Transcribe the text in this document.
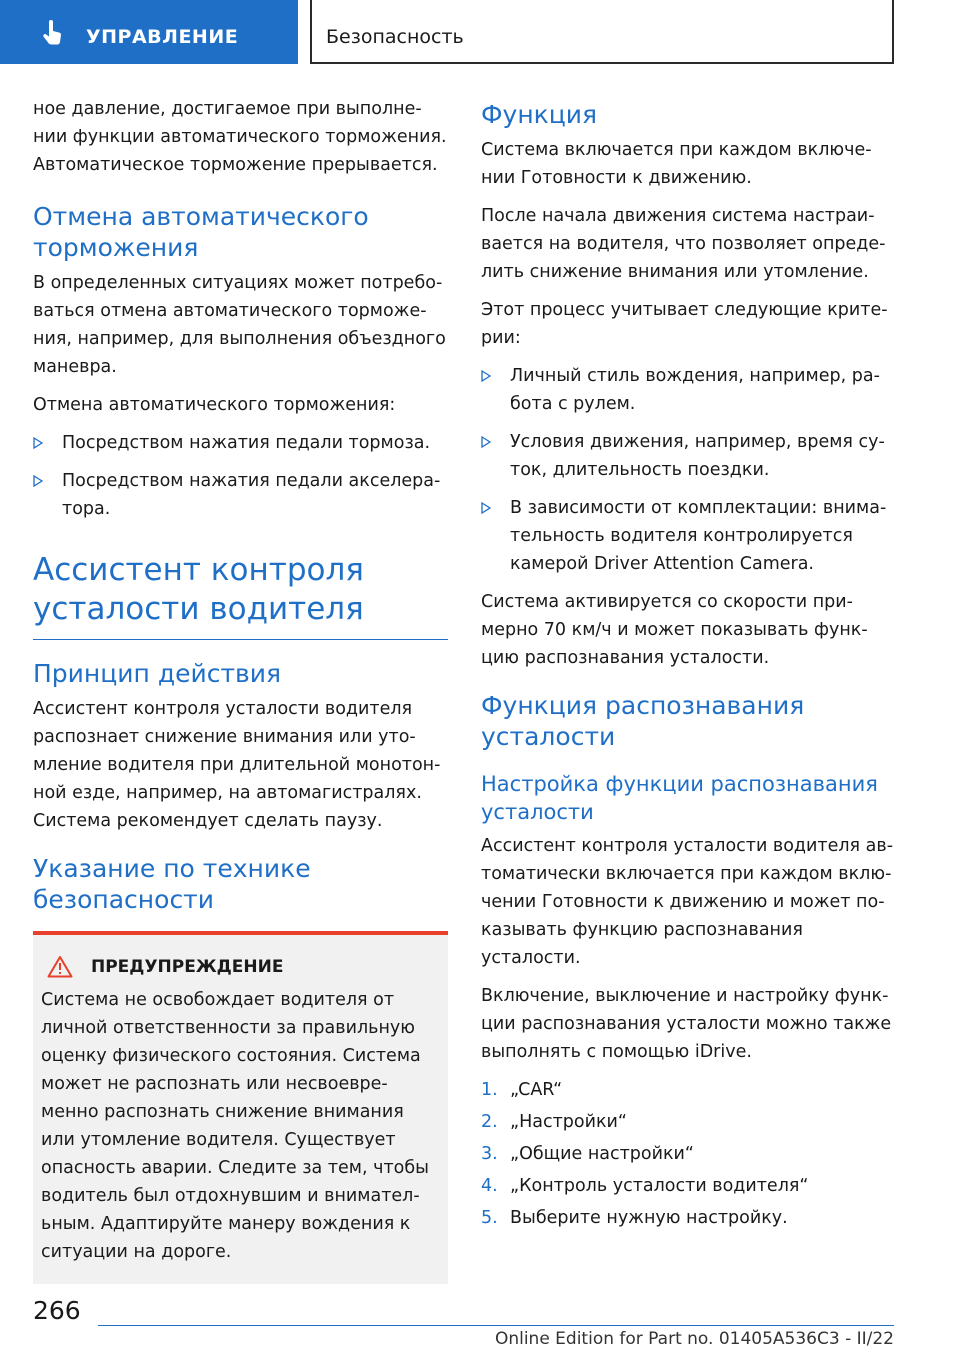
УПРАВЛЕНИЕ	Безопасность

ное давление, достигаемое при выполнении функции автоматического торможения. Автоматическое торможение прерывается.

Отмена автоматического торможения

В определенных ситуациях может потребоваться отмена автоматического торможения, например, для выполнения объездного маневра.

Отмена автоматического торможения:

Посредством нажатия педали тормоза.
Посредством нажатия педали акселератора.
Ассистент контроля усталости водителя
Принцип действия

Ассистент контроля усталости водителя распознает снижение внимания или утомление водителя при длительной монотонной езде, например, на автомагистралях. Система рекомендует сделать паузу.

Указание по технике безопасности
ПРЕДУПРЕЖДЕНИЕ

Система не освобождает водителя от личной ответственности за правильную оценку физического состояния. Система может не распознать или несвоевременно распознать снижение внимания или утомление водителя. Существует опасность аварии. Следите за тем, чтобы водитель был отдохнувшим и внимательным. Адаптируйте манеру вождения к ситуации на дороге.

Функция

Система включается при каждом включении Готовности к движению.

После начала движения система настраивается на водителя, что позволяет определить снижение внимания или утомление.

Этот процесс учитывает следующие критерии:

Личный стиль вождения, например, работа с рулем.
Условия движения, например, время суток, длительность поездки.
В зависимости от комплектации: внимательность водителя контролируется камерой Driver Attention Camera.

Система активируется со скорости примерно 70 км/ч и может показывать функцию распознавания усталости.

Функция распознавания усталости
Настройка функции распознавания усталости

Ассистент контроля усталости водителя автоматически включается при каждом включении Готовности к движению и может показывать функцию распознавания усталости.

Включение, выключение и настройку функции распознавания усталости можно также выполнять с помощью iDrive.

1. „CAR“
2. „Настройки“
3. „Общие настройки“
4. „Контроль усталости водителя“
5. Выберите нужную настройку.
266
Online Edition for Part no. 01405A536C3 - II/22
